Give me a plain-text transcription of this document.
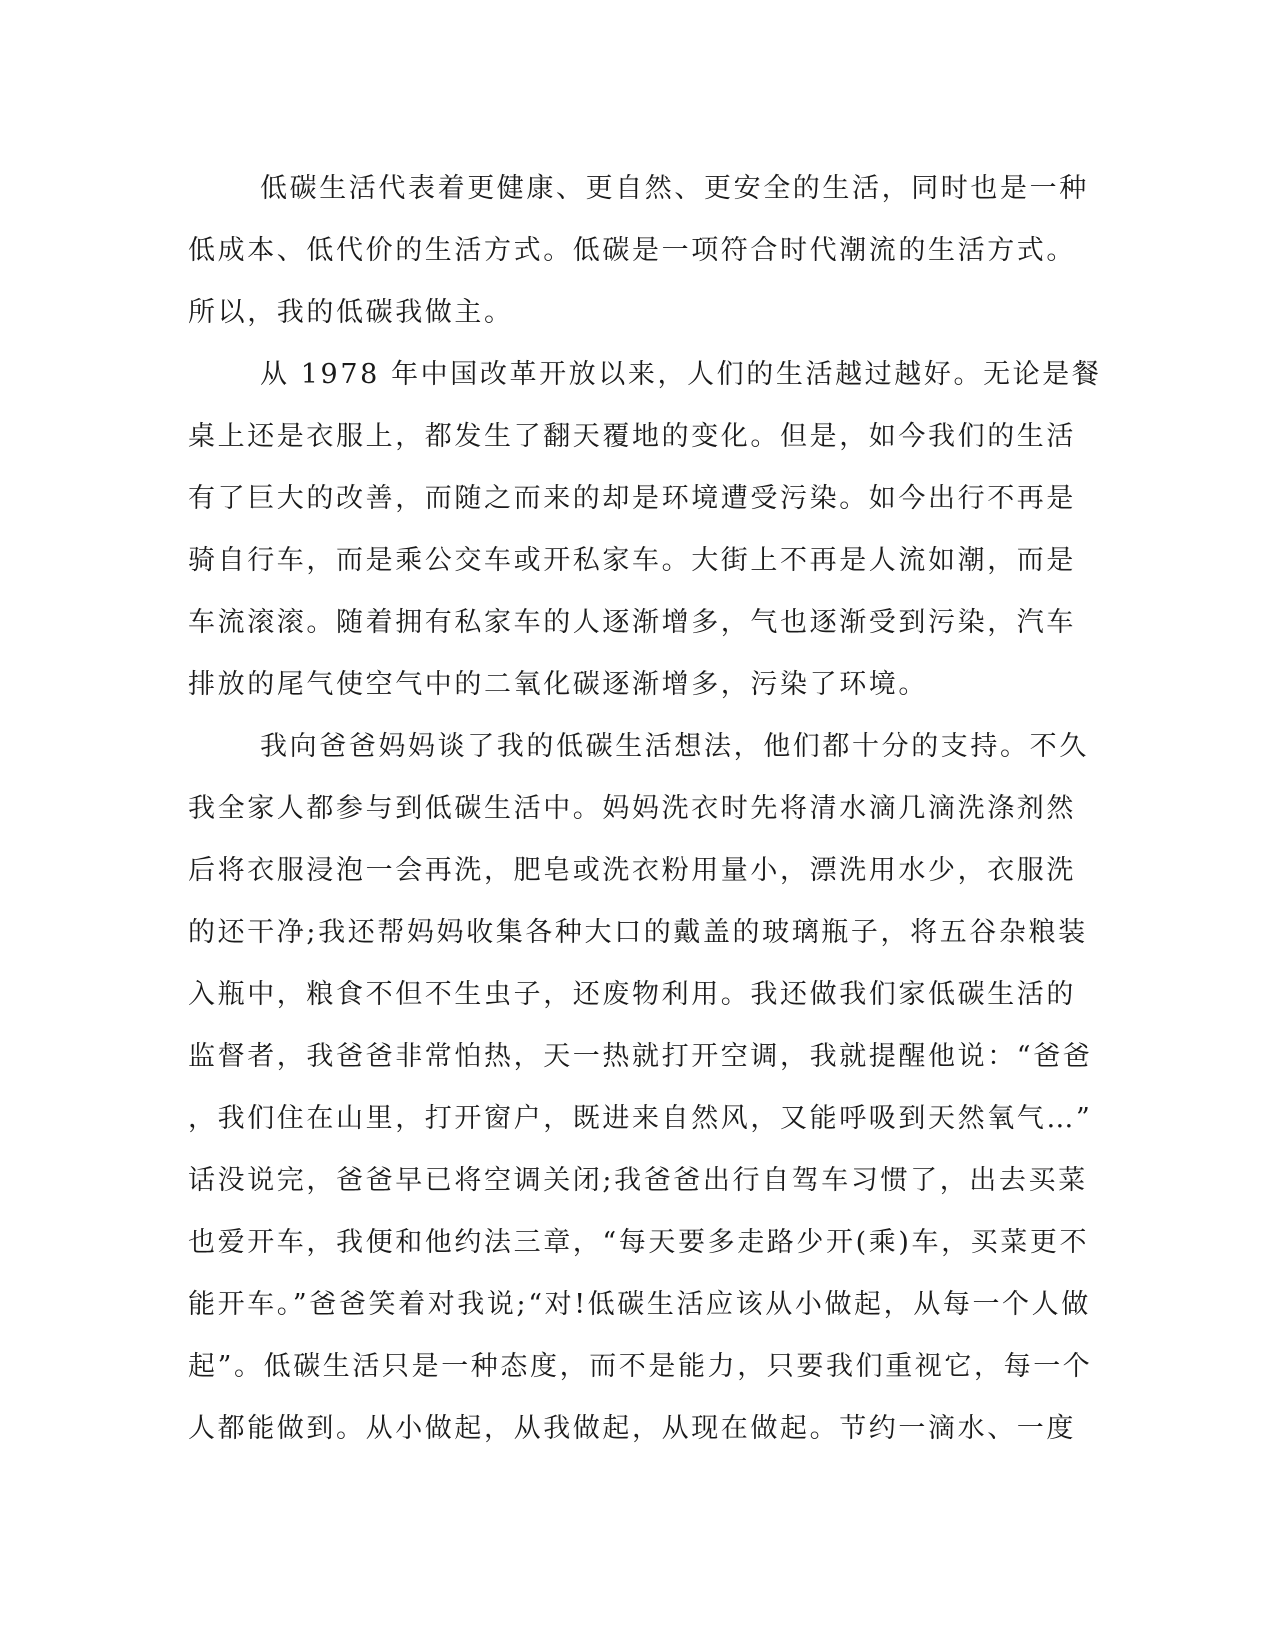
低碳生活代表着更健康、更自然、更安全的生活，同时也是一种
低成本、低代价的生活方式。低碳是一项符合时代潮流的生活方式。
所以，我的低碳我做主。
从 1978 年中国改革开放以来，人们的生活越过越好。无论是餐
桌上还是衣服上，都发生了翻天覆地的变化。但是，如今我们的生活
有了巨大的改善，而随之而来的却是环境遭受污染。如今出行不再是
骑自行车，而是乘公交车或开私家车。大街上不再是人流如潮，而是
车流滚滚。随着拥有私家车的人逐渐增多，气也逐渐受到污染，汽车
排放的尾气使空气中的二氧化碳逐渐增多，污染了环境。
我向爸爸妈妈谈了我的低碳生活想法，他们都十分的支持。不久
我全家人都参与到低碳生活中。妈妈洗衣时先将清水滴几滴洗涤剂然
后将衣服浸泡一会再洗，肥皂或洗衣粉用量小，漂洗用水少，衣服洗
的还干净;我还帮妈妈收集各种大口的戴盖的玻璃瓶子，将五谷杂粮装
入瓶中，粮食不但不生虫子，还废物利用。我还做我们家低碳生活的
监督者，我爸爸非常怕热，天一热就打开空调，我就提醒他说：“爸爸
，我们住在山里，打开窗户，既进来自然风，又能呼吸到天然氧气…”
话没说完，爸爸早已将空调关闭;我爸爸出行自驾车习惯了，出去买菜
也爱开车，我便和他约法三章，“每天要多走路少开(乘)车，买菜更不
能开车。”爸爸笑着对我说;“对!低碳生活应该从小做起，从每一个人做
起”。低碳生活只是一种态度，而不是能力，只要我们重视它，每一个
人都能做到。从小做起，从我做起，从现在做起。节约一滴水、一度
